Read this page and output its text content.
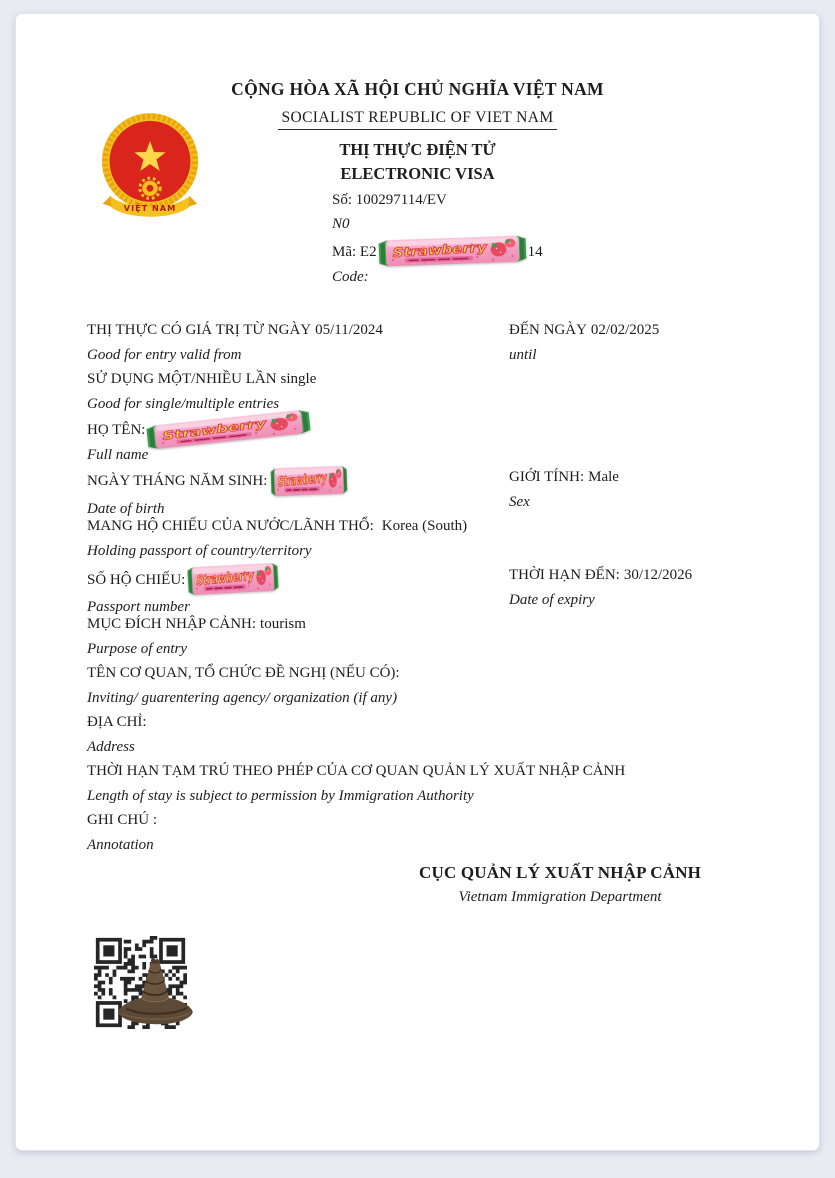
VIỆT NAM
CỘNG HÒA XÃ HỘI CHỦ NGHĨA VIỆT NAM
SOCIALIST REPUBLIC OF VIET NAM
THỊ THỰC ĐIỆN TỬ
ELECTRONIC VISA
Số: 100297114/EV
N0
Mã: E2	14
Code:
THỊ THỰC CÓ GIÁ TRỊ TỪ NGÀY 05/11/2024
Good for entry valid from
ĐẾN NGÀY 02/02/2025
until
SỬ DỤNG MỘT/NHIỀU LẦN single
Good for single/multiple entries
HỌ TÊN:
Full name
NGÀY THÁNG NĂM SINH:
Date of birth
GIỚI TÍNH: Male
Sex
MANG HỘ CHIẾU CỦA NƯỚC/LÃNH THỔ: Korea (South)
Holding passport of country/territory
SỐ HỘ CHIẾU:
Passport number
THỜI HẠN ĐẾN: 30/12/2026
Date of expiry
MỤC ĐÍCH NHẬP CẢNH: tourism
Purpose of entry
TÊN CƠ QUAN, TỔ CHỨC ĐỀ NGHỊ (NẾU CÓ):
Inviting/ guarentering agency/ organization (if any)
ĐỊA CHỈ:
Address
THỜI HẠN TẠM TRÚ THEO PHÉP CỦA CƠ QUAN QUẢN LÝ XUẤT NHẬP CẢNH
Length of stay is subject to permission by Immigration Authority
GHI CHÚ :
Annotation
CỤC QUẢN LÝ XUẤT NHẬP CẢNH
Vietnam Immigration Department
